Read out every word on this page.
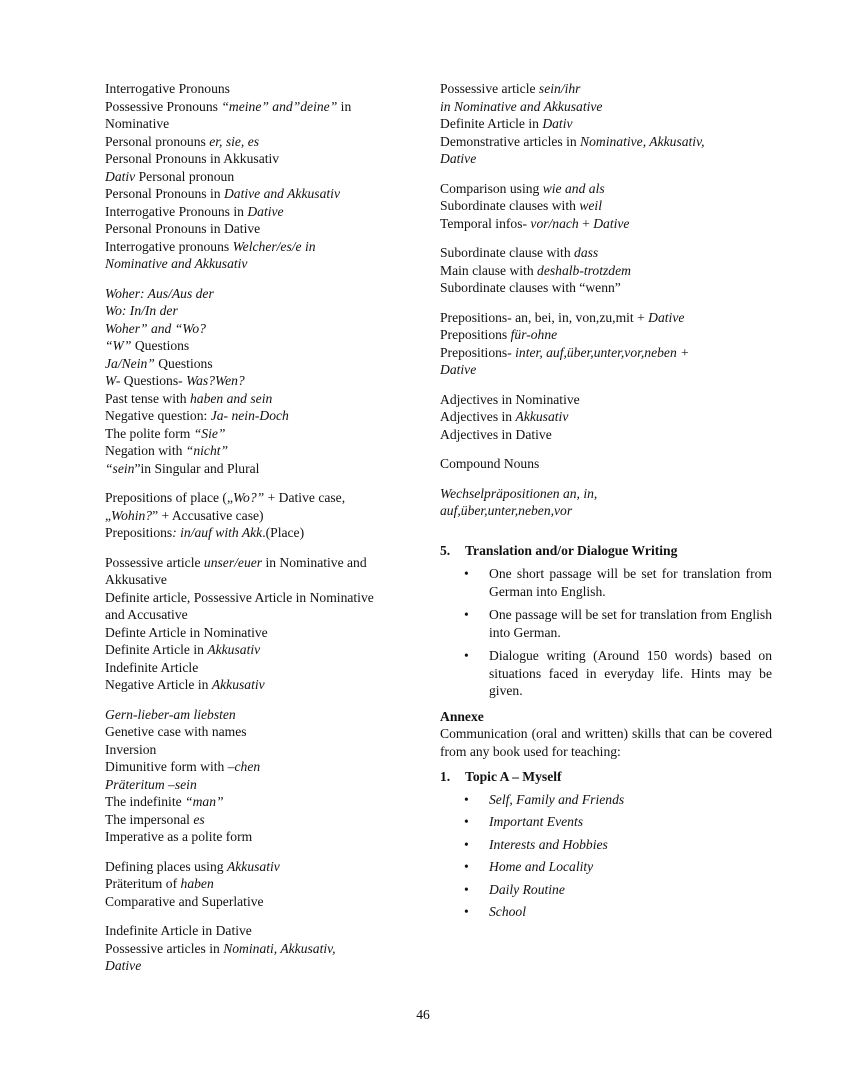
Interrogative Pronouns
Possessive Pronouns “meine” and”deine” in
Nominative
Personal pronouns er, sie, es
Personal Pronouns in Akkusativ
Dativ Personal pronoun
Personal Pronouns in Dative and Akkusativ
Interrogative Pronouns in Dative
Personal Pronouns in Dative
Interrogative pronouns Welcher/es/e in
Nominative and Akkusativ
Woher: Aus/Aus der
Wo: In/In der
Woher” and “Wo?
“W” Questions
Ja/Nein” Questions
W- Questions- Was?Wen?
Past tense with haben and sein
Negative question: Ja- nein-Doch
The polite form “Sie”
Negation with “nicht”
“sein”in Singular and Plural
Prepositions of place („Wo?” + Dative case,
„Wohin?” + Accusative case)
Prepositions: in/auf with Akk.(Place)
Possessive article unser/euer in Nominative and
Akkusative
Definite article, Possessive Article in Nominative
and Accusative
Definte Article in Nominative
Definite Article in Akkusativ
Indefinite Article
Negative Article in Akkusativ
Gern-lieber-am liebsten
Genetive case with names
Inversion
Dimunitive form with –chen
Präteritum –sein
The indefinite “man”
The impersonal es
Imperative as a polite form
Defining places using Akkusativ
Präteritum of haben
Comparative and Superlative
Indefinite Article in Dative
Possessive articles in Nominati, Akkusativ,
Dative
Possessive article sein/ihr
in Nominative and Akkusative
Definite Article in Dativ
Demonstrative articles in Nominative, Akkusativ,
Dative
Comparison using wie and als
Subordinate clauses with weil
Temporal infos- vor/nach + Dative
Subordinate clause with dass
Main clause with deshalb-trotzdem
Subordinate clauses with “wenn”
Prepositions- an, bei, in, von,zu,mit + Dative
Prepositions für-ohne
Prepositions- inter, auf,über,unter,vor,neben +
Dative
Adjectives in Nominative
Adjectives in Akkusativ
Adjectives in Dative
Compound Nouns
Wechselpräpositionen an, in,
auf,über,unter,neben,vor
5. Translation and/or Dialogue Writing
• One short passage will be set for translation from German into English.
• One passage will be set for translation from English into German.
• Dialogue writing (Around 150 words) based on situations faced in everyday life. Hints may be given.
Annexe
Communication (oral and written) skills that can be covered from any book used for teaching:
1. Topic A – Myself
• Self, Family and Friends
• Important Events
• Interests and Hobbies
• Home and Locality
• Daily Routine
• School
46
